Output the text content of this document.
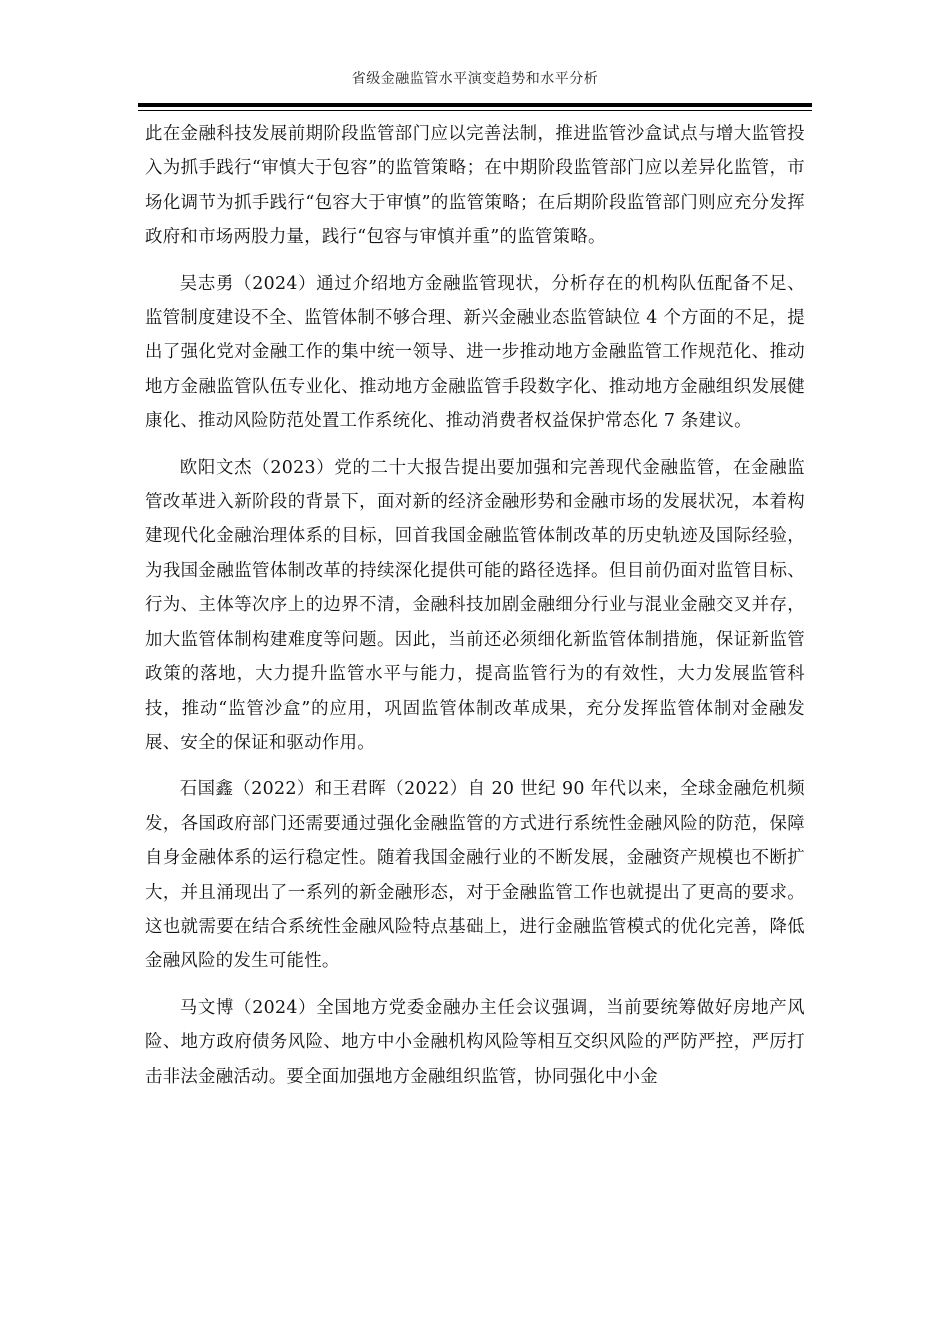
省级金融监管水平演变趋势和水平分析

此在金融科技发展前期阶段监管部门应以完善法制，推进监管沙盒试点与增大监管投入为抓手践行“审慎大于包容”的监管策略；在中期阶段监管部门应以差异化监管，市场化调节为抓手践行“包容大于审慎”的监管策略；在后期阶段监管部门则应充分发挥政府和市场两股力量，践行“包容与审慎并重”的监管策略。

吴志勇（2024）通过介绍地方金融监管现状，分析存在的机构队伍配备不足、监管制度建设不全、监管体制不够合理、新兴金融业态监管缺位 4 个方面的不足，提出了强化党对金融工作的集中统一领导、进一步推动地方金融监管工作规范化、推动地方金融监管队伍专业化、推动地方金融监管手段数字化、推动地方金融组织发展健康化、推动风险防范处置工作系统化、推动消费者权益保护常态化 7 条建议。

欧阳文杰（2023）党的二十大报告提出要加强和完善现代金融监管，在金融监管改革进入新阶段的背景下，面对新的经济金融形势和金融市场的发展状况，本着构建现代化金融治理体系的目标，回首我国金融监管体制改革的历史轨迹及国际经验，为我国金融监管体制改革的持续深化提供可能的路径选择。但目前仍面对监管目标、行为、主体等次序上的边界不清，金融科技加剧金融细分行业与混业金融交叉并存，加大监管体制构建难度等问题。因此，当前还必须细化新监管体制措施，保证新监管政策的落地，大力提升监管水平与能力，提高监管行为的有效性，大力发展监管科技，推动“监管沙盒”的应用，巩固监管体制改革成果，充分发挥监管体制对金融发展、安全的保证和驱动作用。

石国鑫（2022）和王君晖（2022）自 20 世纪 90 年代以来，全球金融危机频发，各国政府部门还需要通过强化金融监管的方式进行系统性金融风险的防范，保障自身金融体系的运行稳定性。随着我国金融行业的不断发展，金融资产规模也不断扩大，并且涌现出了一系列的新金融形态，对于金融监管工作也就提出了更高的要求。这也就需要在结合系统性金融风险特点基础上，进行金融监管模式的优化完善，降低金融风险的发生可能性。

马文博（2024）全国地方党委金融办主任会议强调，当前要统筹做好房地产风险、地方政府债务风险、地方中小金融机构风险等相互交织风险的严防严控，严厉打击非法金融活动。要全面加强地方金融组织监管，协同强化中小金
